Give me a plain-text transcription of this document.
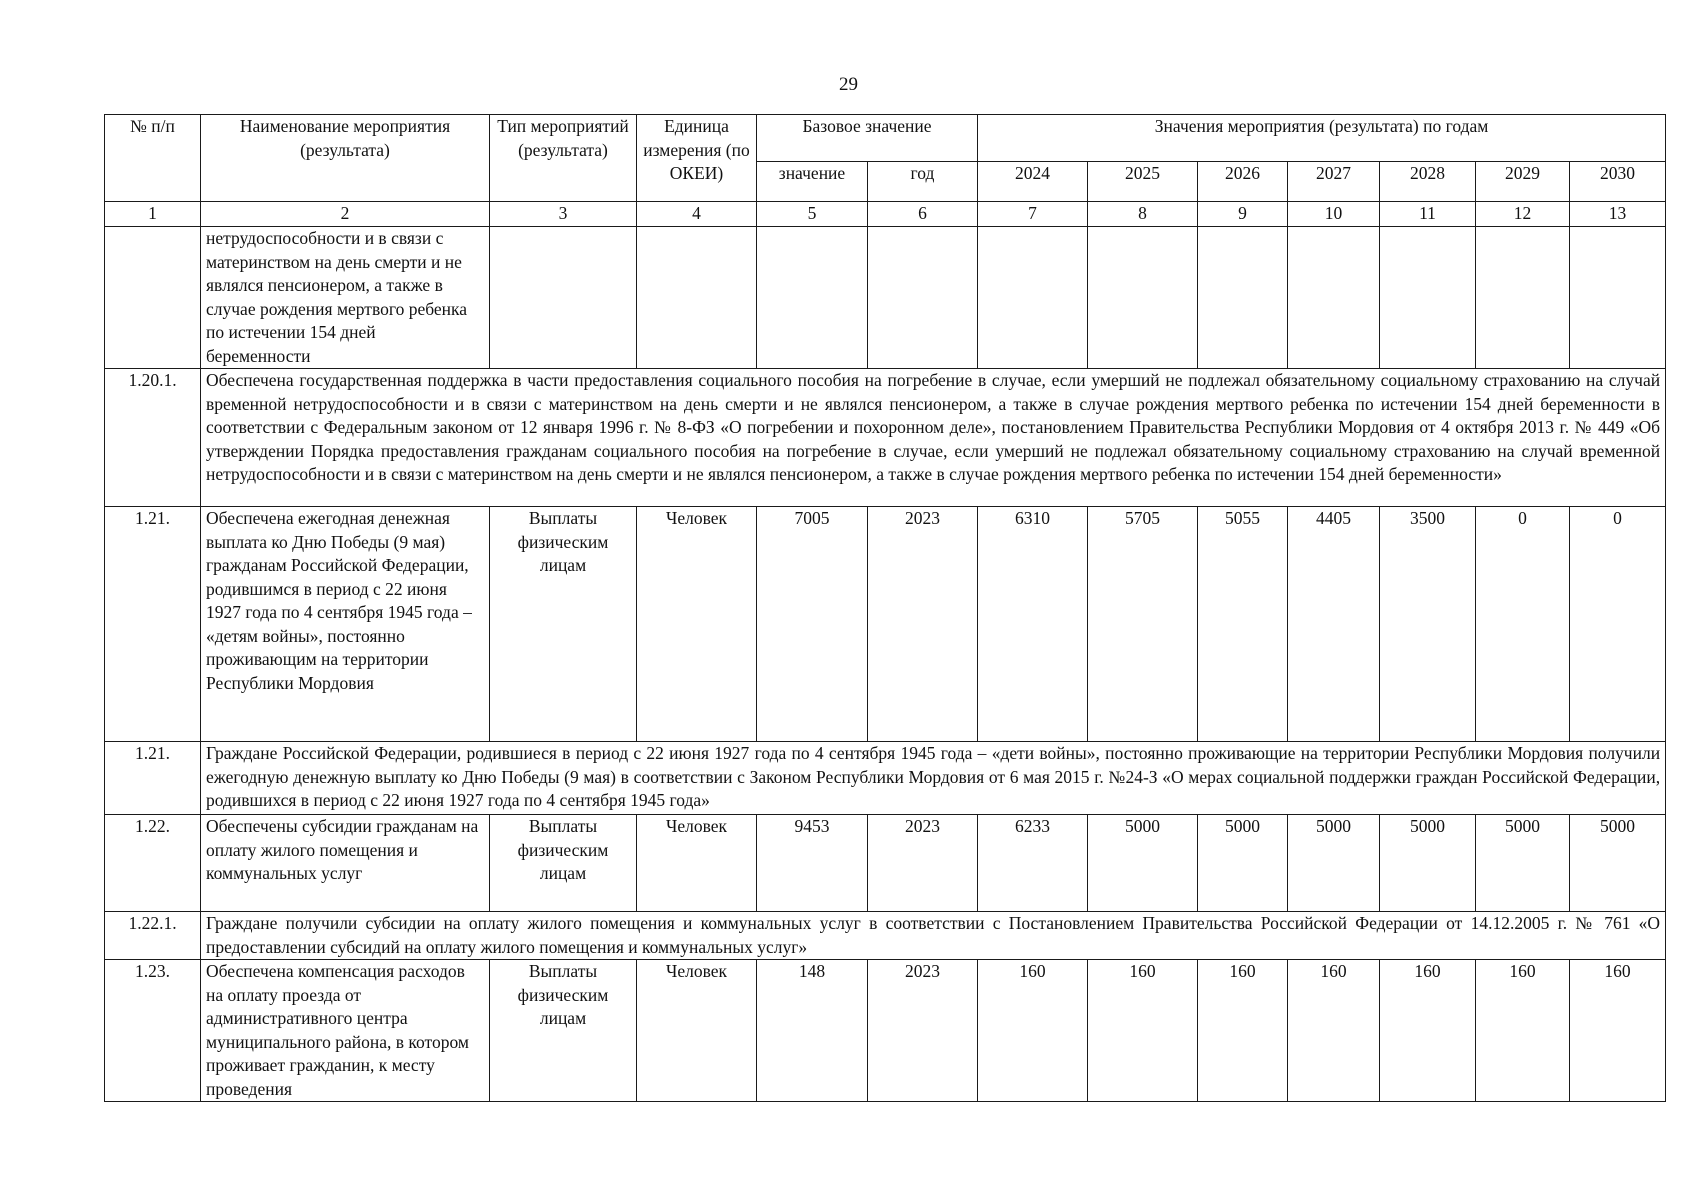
29
№ п/п	Наименование мероприятия (результата)	Тип мероприятий (результата)	Единица измерения (по ОКЕИ)	Базовое значение		Значения мероприятия (результата) по годам						
				значение	год	2024	2025	2026	2027	2028	2029	2030
1	2	3	4	5	6	7	8	9	10	11	12	13
	нетрудоспособности и в связи с материнством на день смерти и не являлся пенсионером, а также в случае рождения мертвого ребенка по истечении 154 дней беременности											
1.20.1.	Обеспечена государственная поддержка в части предоставления социального пособия на погребение в случае, если умерший не подлежал обязательному социальному страхованию на случай временной нетрудоспособности и в связи с материнством на день смерти и не являлся пенсионером, а также в случае рождения мертвого ребенка по истечении 154 дней беременности в соответствии с Федеральным законом от 12 января 1996 г. № 8-ФЗ «О погребении и похоронном деле», постановлением Правительства Республики Мордовия от 4 октября 2013 г. № 449 «Об утверждении Порядка предоставления гражданам социального пособия на погребение в случае, если умерший не подлежал обязательному социальному страхованию на случай временной нетрудоспособности и в связи с материнством на день смерти и не являлся пенсионером, а также в случае рождения мертвого ребенка по истечении 154 дней беременности»											
1.21.	Обеспечена ежегодная денежная выплата ко Дню Победы (9 мая) гражданам Российской Федерации, родившимся в период с 22 июня 1927 года по 4 сентября 1945 года – «детям войны», постоянно проживающим на территории Республики Мордовия	Выплаты физическим лицам	Человек	7005	2023	6310	5705	5055	4405	3500	0	0
1.21.	Граждане Российской Федерации, родившиеся в период с 22 июня 1927 года по 4 сентября 1945 года – «дети войны», постоянно проживающие на территории Республики Мордовия получили ежегодную денежную выплату ко Дню Победы (9 мая) в соответствии с Законом Республики Мордовия от 6 мая 2015 г. №24-З «О мерах социальной поддержки граждан Российской Федерации, родившихся в период с 22 июня 1927 года по 4 сентября 1945 года»											
1.22.	Обеспечены субсидии гражданам на оплату жилого помещения и коммунальных услуг	Выплаты физическим лицам	Человек	9453	2023	6233	5000	5000	5000	5000	5000	5000
1.22.1.	Граждане получили субсидии на оплату жилого помещения и коммунальных услуг в соответствии с Постановлением Правительства Российской Федерации от 14.12.2005 г. № 761 «О предоставлении субсидий на оплату жилого помещения и коммунальных услуг»											
1.23.	Обеспечена компенсация расходов на оплату проезда от административного центра муниципального района, в котором проживает гражданин, к месту проведения	Выплаты физическим лицам	Человек	148	2023	160	160	160	160	160	160	160
